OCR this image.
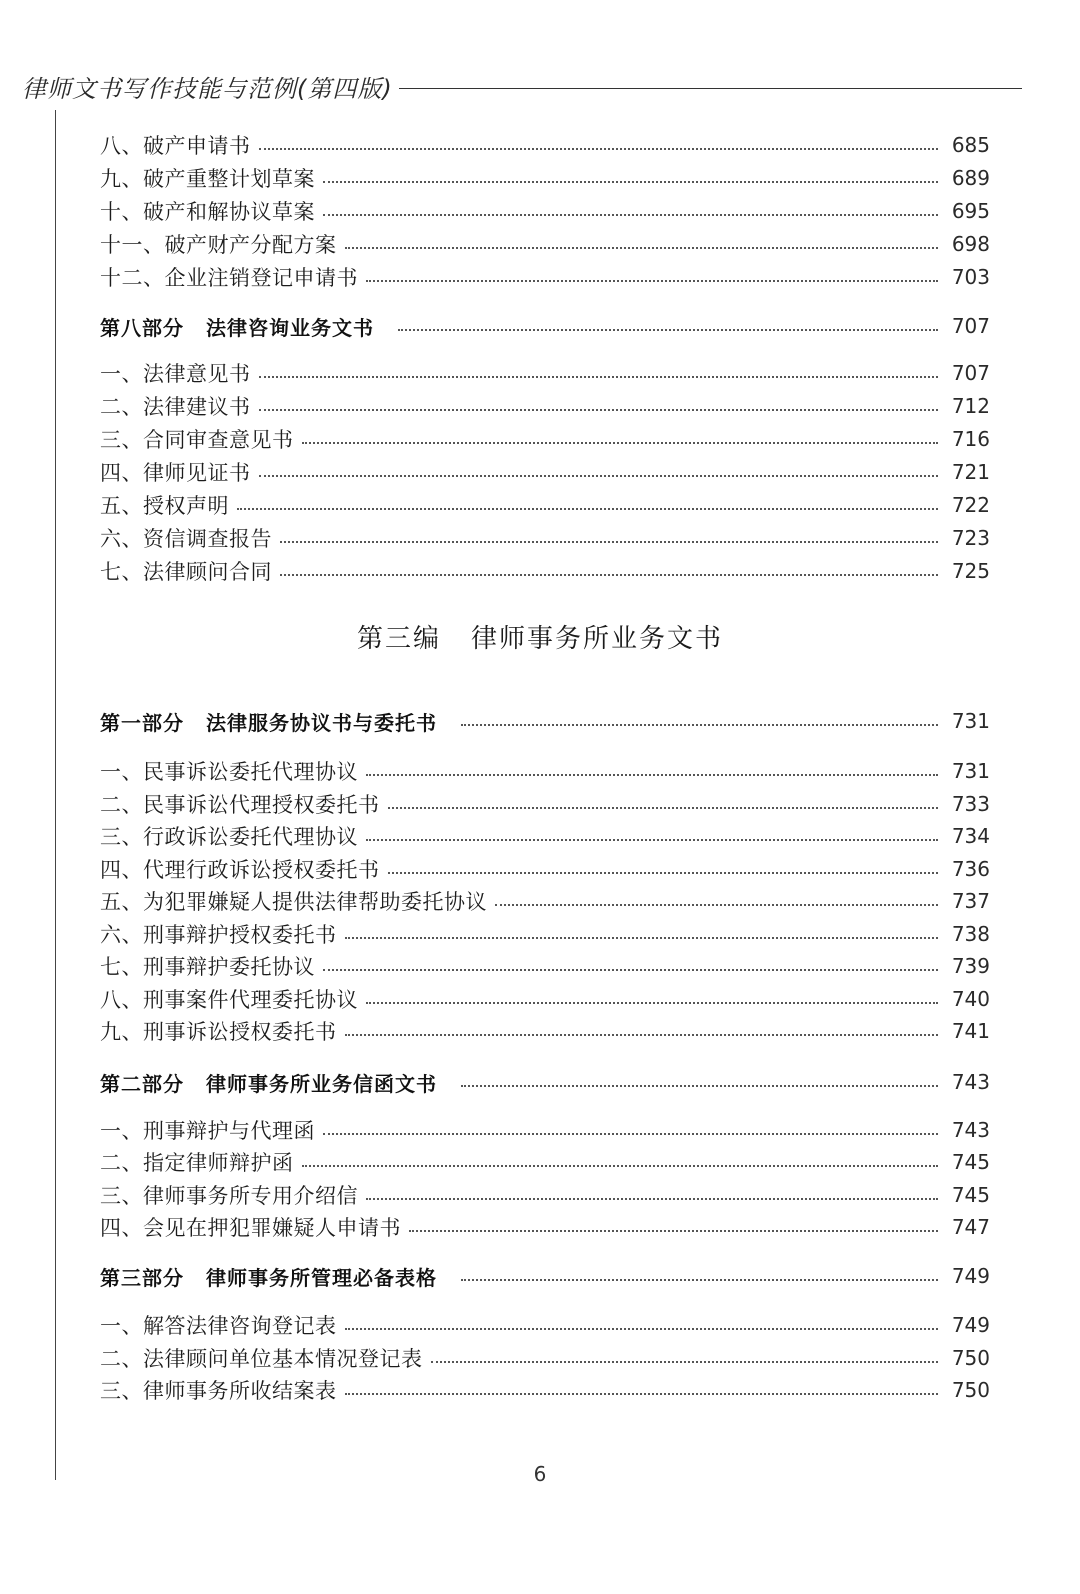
律师文书写作技能与范例(第四版)
八、破产申请书	685
九、破产重整计划草案	689
十、破产和解协议草案	695
十一、破产财产分配方案	698
十二、企业注销登记申请书	703
第八部分 法律咨询业务文书	707
一、法律意见书	707
二、法律建议书	712
三、合同审查意见书	716
四、律师见证书	721
五、授权声明	722
六、资信调查报告	723
七、法律顾问合同	725
第三编 律师事务所业务文书
第一部分 法律服务协议书与委托书	731
一、民事诉讼委托代理协议	731
二、民事诉讼代理授权委托书	733
三、行政诉讼委托代理协议	734
四、代理行政诉讼授权委托书	736
五、为犯罪嫌疑人提供法律帮助委托协议	737
六、刑事辩护授权委托书	738
七、刑事辩护委托协议	739
八、刑事案件代理委托协议	740
九、刑事诉讼授权委托书	741
第二部分 律师事务所业务信函文书	743
一、刑事辩护与代理函	743
二、指定律师辩护函	745
三、律师事务所专用介绍信	745
四、会见在押犯罪嫌疑人申请书	747
第三部分 律师事务所管理必备表格	749
一、解答法律咨询登记表	749
二、法律顾问单位基本情况登记表	750
三、律师事务所收结案表	750
6
